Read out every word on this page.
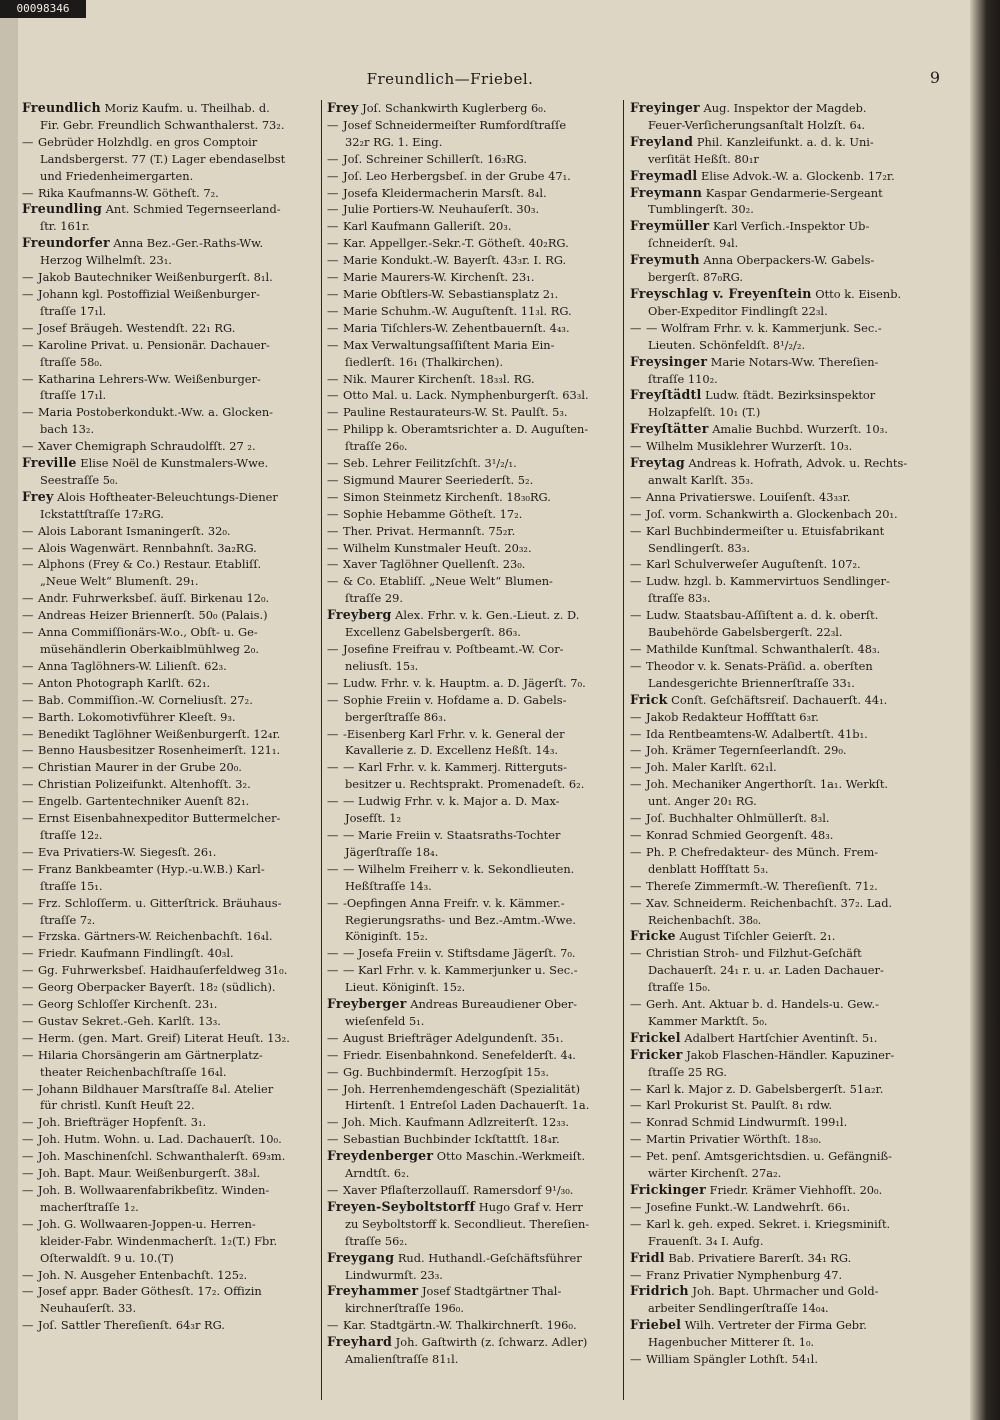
00098346
Freundlich—Friebel.	9
Freundlich Moriz Kaufm. u. Theilhab. d.
Fir. Gebr. Freundlich Schwanthalerst. 73₂.
— Gebrüder Holzhdlg. en gros Comptoir
Landsbergerst. 77 (T.) Lager ebendaselbst
und Friedenheimergarten.
— Rika Kaufmanns-W. Götheſt. 7₂.
Freundling Ant. Schmied Tegernseerland-
ſtr. 161r.
Freundorfer Anna Bez.-Ger.-Raths-Ww.
Herzog Wilhelmſt. 23₁.
— Jakob Bautechniker Weißenburgerſt. 8₁l.
— Johann kgl. Postoffizial Weißenburger-
ſtraſſe 17₁l.
— Josef Bräugeh. Westendſt. 22₁ RG.
— Karoline Privat. u. Pensionär. Dachauer-
ſtraſſe 58₀.
— Katharina Lehrers-Ww. Weißenburger-
ſtraſſe 17₁l.
— Maria Postoberkondukt.-Ww. a. Glocken-
bach 13₂.
— Xaver Chemigraph Schraudolfſt. 27 ₂.
Freville Elise Noël de Kunstmalers-Wwe.
Seestraſſe 5₀.
Frey Alois Hoftheater-Beleuchtungs-Diener
Ickstattſtraſſe 17₂RG.
— Alois Laborant Ismaningerſt. 32₀.
— Alois Wagenwärt. Rennbahnſt. 3a₂RG.
— Alphons (Frey & Co.) Restaur. Etabliſſ.
„Neue Welt“ Blumenſt. 29₁.
— Andr. Fuhrwerksbeſ. äuſſ. Birkenau 12₀.
— Andreas Heizer Briennerſt. 50₀ (Palais.)
— Anna Commiſſionärs-W.o., Obſt- u. Ge-
müsehändlerin Oberkaiblmühlweg 2₀.
— Anna Taglöhners-W. Lilienſt. 62₃.
— Anton Photograph Karlſt. 62₁.
— Bab. Commiſſion.-W. Corneliusſt. 27₂.
— Barth. Lokomotivführer Kleeſt. 9₃.
— Benedikt Taglöhner Weißenburgerſt. 12₄r.
— Benno Hausbesitzer Rosenheimerſt. 121₁.
— Christian Maurer in der Grube 20₀.
— Christian Polizeifunkt. Altenhofſt. 3₂.
— Engelb. Gartentechniker Auenſt 82₁.
— Ernst Eisenbahnexpeditor Buttermelcher-
ſtraſſe 12₂.
— Eva Privatiers-W. Siegesſt. 26₁.
— Franz Bankbeamter (Hyp.-u.W.B.) Karl-
ſtraſſe 15₁.
— Frz. Schloſſerm. u. Gitterſtrick. Bräuhaus-
ſtraſſe 7₂.
— Frzska. Gärtners-W. Reichenbachſt. 16₄l.
— Friedr. Kaufmann Findlingſt. 40₃l.
— Gg. Fuhrwerksbeſ. Haidhauſerfeldweg 31₀.
— Georg Oberpacker Bayerſt. 18₂ (südlich).
— Georg Schloſſer Kirchenſt. 23₁.
— Gustav Sekret.-Geh. Karlſt. 13₃.
— Herm. (gen. Mart. Greif) Literat Heuſt. 13₂.
— Hilaria Chorsängerin am Gärtnerplatz-
theater Reichenbachſtraſſe 16₄l.
— Johann Bildhauer Marsſtraſſe 8₄l. Atelier
für christl. Kunſt Heuſt 22.
— Joh. Briefträger Hopfenſt. 3₁.
— Joh. Hutm. Wohn. u. Lad. Dachauerſt. 10₀.
— Joh. Maschinenſchl. Schwanthalerſt. 69₃m.
— Joh. Bapt. Maur. Weißenburgerſt. 38₃l.
— Joh. B. Wollwaarenfabrikbeſitz. Winden-
macherſtraſſe 1₂.
— Joh. G. Wollwaaren-Joppen-u. Herren-
kleider-Fabr. Windenmacherſt. 1₂(T.) Fbr.
Oſterwaldſt. 9 u. 10.(T)
— Joh. N. Ausgeher Entenbachſt. 125₂.
— Josef appr. Bader Göthesſt. 17₂. Offizin
Neuhauſerſt. 33.
— Joſ. Sattler Thereſienſt. 64₃r RG.
Frey Joſ. Schankwirth Kuglerberg 6₀.
— Josef Schneidermeiſter Rumfordſtraſſe
32₂r RG. 1. Eing.
— Joſ. Schreiner Schillerſt. 16₃RG.
— Joſ. Leo Herbergsbeſ. in der Grube 47₁.
— Josefa Kleidermacherin Marsſt. 8₄l.
— Julie Portiers-W. Neuhauſerſt. 30₃.
— Karl Kaufmann Galleriſt. 20₃.
— Kar. Appellger.-Sekr.-T. Götheſt. 40₂RG.
— Marie Kondukt.-W. Bayerſt. 43₃r. I. RG.
— Marie Maurers-W. Kirchenſt. 23₁.
— Marie Obſtlers-W. Sebastiansplatz 2₁.
— Marie Schuhm.-W. Auguſtenſt. 11₃l. RG.
— Maria Tiſchlers-W. Zehentbauernſt. 4₄₃.
— Max Verwaltungsaſſiſtent Maria Ein-
ſiedlerſt. 16₁ (Thalkirchen).
— Nik. Maurer Kirchenſt. 18₃₃l. RG.
— Otto Mal. u. Lack. Nymphenburgerſt. 63₃l.
— Pauline Restaurateurs-W. St. Paulſt. 5₃.
— Philipp k. Oberamtsrichter a. D. Auguſten-
ſtraſſe 26₀.
— Seb. Lehrer Feilitzſchſt. 3¹/₂/₁.
— Sigmund Maurer Seeriederſt. 5₂.
— Simon Steinmetz Kirchenſt. 18₃₀RG.
— Sophie Hebamme Götheſt. 17₂.
— Ther. Privat. Hermannſt. 75₂r.
— Wilhelm Kunstmaler Heuſt. 20₃₂.
— Xaver Taglöhner Quellenſt. 23₀.
— & Co. Etabliſſ. „Neue Welt“ Blumen-
ſtraſſe 29.
Freyberg Alex. Frhr. v. k. Gen.-Lieut. z. D.
Excellenz Gabelsbergerſt. 86₃.
— Josefine Freifrau v. Poſtbeamt.-W. Cor-
neliusſt. 15₃.
— Ludw. Frhr. v. k. Hauptm. a. D. Jägerſt. 7₀.
— Sophie Freiin v. Hofdame a. D. Gabels-
bergerſtraſſe 86₃.
— -Eisenberg Karl Frhr. v. k. General der
Kavallerie z. D. Excellenz Heßſt. 14₃.
— — Karl Frhr. v. k. Kammerj. Ritterguts-
besitzer u. Rechtsprakt. Promenadeſt. 6₂.
— — Ludwig Frhr. v. k. Major a. D. Max-
Josefſt. 1₂
— — Marie Freiin v. Staatsraths-Tochter
Jägerſtraſſe 18₄.
— — Wilhelm Freiherr v. k. Sekondlieuten.
Heßſtraſſe 14₃.
— -Oepfingen Anna Freifr. v. k. Kämmer.-
Regierungsraths- und Bez.-Amtm.-Wwe.
Königinſt. 15₂.
— — Josefa Freiin v. Stiftsdame Jägerſt. 7₀.
— — Karl Frhr. v. k. Kammerjunker u. Sec.-
Lieut. Königinſt. 15₂.
Freyberger Andreas Bureaudiener Ober-
wieſenfeld 5₁.
— August Briefträger Adelgundenſt. 35₁.
— Friedr. Eisenbahnkond. Senefelderſt. 4₄.
— Gg. Buchbindermſt. Herzogſpit 15₃.
— Joh. Herrenhemdengeschäft (Spezialität)
Hirtenſt. 1 Entreſol Laden Dachauerſt. 1a.
— Joh. Mich. Kaufmann Adlzreiterſt. 12₃₃.
— Sebastian Buchbinder Ickſtattſt. 18₄r.
Freydenberger Otto Maschin.-Werkmeiſt.
Arndtſt. 6₂.
— Xaver Pflaſterzollauſſ. Ramersdorf 9¹/₃₀.
Freyen-Seyboltstorff Hugo Graf v. Herr
zu Seyboltstorff k. Secondlieut. Thereſien-
ſtraſſe 56₂.
Freygang Rud. Huthandl.-Geſchäftsführer
Lindwurmſt. 23₃.
Freyhammer Josef Stadtgärtner Thal-
kirchnerſtraſſe 196₀.
— Kar. Stadtgärtn.-W. Thalkirchnerſt. 196₀.
Freyhard Joh. Gaſtwirth (z. ſchwarz. Adler)
Amalienſtraſſe 81₁l.
Freyinger Aug. Inspektor der Magdeb.
Feuer-Verſicherungsanſtalt Holzſt. 6₄.
Freyland Phil. Kanzleifunkt. a. d. k. Uni-
verſität Heßſt. 80₁r
Freymadl Elise Advok.-W. a. Glockenb. 17₂r.
Freymann Kaspar Gendarmerie-Sergeant
Tumblingerſt. 30₂.
Freymüller Karl Verſich.-Inspektor Ub-
ſchneiderſt. 9₄l.
Freymuth Anna Oberpackers-W. Gabels-
bergerſt. 87₀RG.
Freyschlag v. Freyenſtein Otto k. Eisenb.
Ober-Expeditor Findlingſt 22₃l.
— — Wolfram Frhr. v. k. Kammerjunk. Sec.-
Lieuten. Schönfeldſt. 8¹/₂/₂.
Freysinger Marie Notars-Ww. Thereſien-
ſtraſſe 110₂.
Freyſtädtl Ludw. ſtädt. Bezirksinspektor
Holzapfelſt. 10₁ (T.)
Freyſtätter Amalie Buchbd. Wurzerſt. 10₃.
— Wilhelm Musiklehrer Wurzerſt. 10₃.
Freytag Andreas k. Hofrath, Advok. u. Rechts-
anwalt Karlſt. 35₃.
— Anna Privatierswe. Louiſenſt. 43₃₃r.
— Joſ. vorm. Schankwirth a. Glockenbach 20₁.
— Karl Buchbindermeiſter u. Etuisfabrikant
Sendlingerſt. 83₃.
— Karl Schulverweſer Auguſtenſt. 107₂.
— Ludw. hzgl. b. Kammervirtuos Sendlinger-
ſtraſſe 83₃.
— Ludw. Staatsbau-Aſſiſtent a. d. k. oberſt.
Baubehörde Gabelsbergerſt. 22₃l.
— Mathilde Kunſtmal. Schwanthalerſt. 48₃.
— Theodor v. k. Senats-Präſid. a. oberſten
Landesgerichte Briennerſtraſſe 33₁.
Frick Conſt. Geſchäftsreiſ. Dachauerſt. 44₁.
— Jakob Redakteur Hoffſtatt 6₃r.
— Ida Rentbeamtens-W. Adalbertſt. 41b₁.
— Joh. Krämer Tegernſeerlandſt. 29₀.
— Joh. Maler Karlſt. 62₁l.
— Joh. Mechaniker Angerthorſt. 1a₁. Werkſt.
unt. Anger 20₁ RG.
— Joſ. Buchhalter Ohlmüllerſt. 8₃l.
— Konrad Schmied Georgenſt. 48₃.
— Ph. P. Chefredakteur- des Münch. Frem-
denblatt Hoffſtatt 5₃.
— Thereſe Zimmermſt.-W. Thereſienſt. 71₂.
— Xav. Schneiderm. Reichenbachſt. 37₂. Lad.
Reichenbachſt. 38₀.
Fricke August Tiſchler Geierſt. 2₁.
— Christian Stroh- und Filzhut-Geſchäft
Dachauerſt. 24₁ r. u. ₄r. Laden Dachauer-
ſtraſſe 15₀.
— Gerh. Ant. Aktuar b. d. Handels-u. Gew.-
Kammer Marktſt. 5₀.
Frickel Adalbert Hartſchier Aventinſt. 5₁.
Fricker Jakob Flaschen-Händler. Kapuziner-
ſtraſſe 25 RG.
— Karl k. Major z. D. Gabelsbergerſt. 51a₂r.
— Karl Prokurist St. Paulſt. 8₁ rdw.
— Konrad Schmid Lindwurmſt. 199₁l.
— Martin Privatier Wörthſt. 18₃₀.
— Pet. penſ. Amtsgerichtsdien. u. Gefängniß-
wärter Kirchenſt. 27a₂.
Frickinger Friedr. Krämer Viehhofſt. 20₀.
— Josefine Funkt.-W. Landwehrſt. 66₁.
— Karl k. geh. exped. Sekret. i. Kriegsminiſt.
Frauenſt. 3₄ I. Aufg.
Fridl Bab. Privatiere Barerſt. 34₁ RG.
— Franz Privatier Nymphenburg 47.
Fridrich Joh. Bapt. Uhrmacher und Gold-
arbeiter Sendlingerſtraſſe 14₀₄.
Friebel Wilh. Vertreter der Firma Gebr.
Hagenbucher Mitterer ſt. 1₀.
— William Spängler Lothſt. 54₁l.
